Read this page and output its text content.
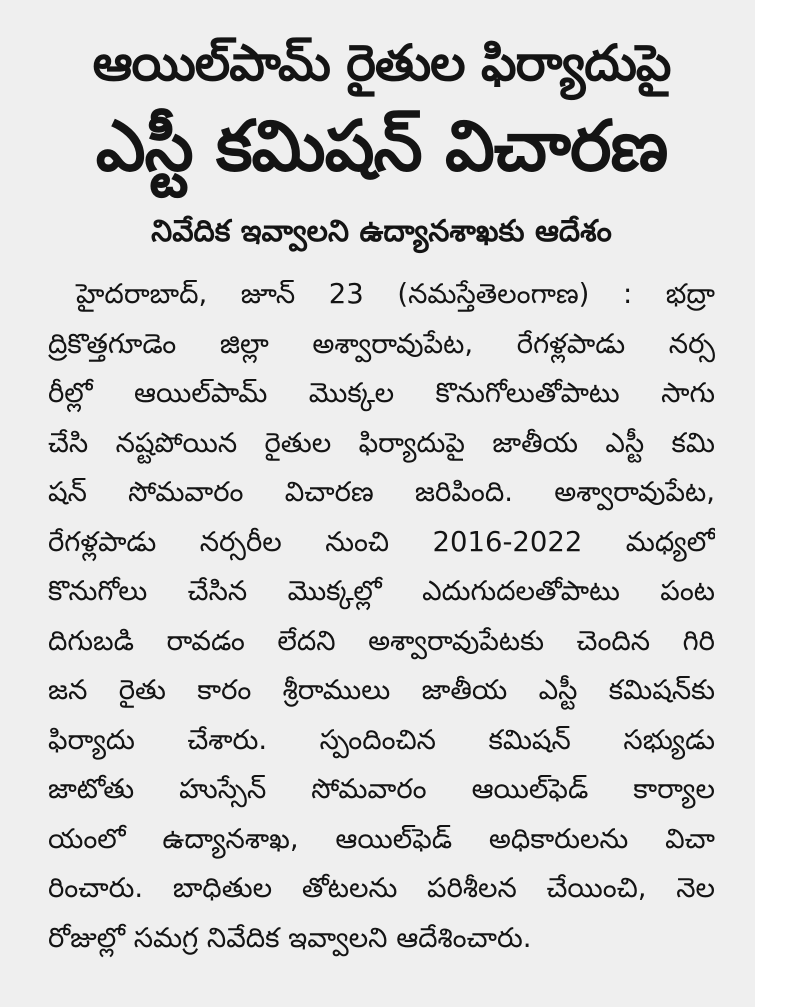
ఆయిల్‌పామ్ రైతుల ఫిర్యాదుపై
ఎస్టీ కమిషన్ విచారణ
నివేదిక ఇవ్వాలని ఉద్యానశాఖకు ఆదేశం
హైదరాబాద్, జూన్ 23 (నమస్తేతెలంగాణ) : భద్రా
ద్రికొత్తగూడెం జిల్లా అశ్వారావుపేట, రేగళ్లపాడు నర్స
రీల్లో ఆయిల్‌పామ్ మొక్కల కొనుగోలుతోపాటు సాగు
చేసి నష్టపోయిన రైతుల ఫిర్యాదుపై జాతీయ ఎస్టీ కమి
షన్ సోమవారం విచారణ జరిపింది. అశ్వారావుపేట,
రేగళ్లపాడు నర్సరీల నుంచి 2016-2022 మధ్యలో
కొనుగోలు చేసిన మొక్కల్లో ఎదుగుదలతోపాటు పంట
దిగుబడి రావడం లేదని అశ్వారావుపేటకు చెందిన గిరి
జన రైతు కారం శ్రీరాములు జాతీయ ఎస్టీ కమిషన్‌కు
ఫిర్యాదు చేశారు. స్పందించిన కమిషన్ సభ్యుడు
జాటోతు హుస్సేన్ సోమవారం ఆయిల్‌ఫెడ్ కార్యాల
యంలో ఉద్యానశాఖ, ఆయిల్‌ఫెడ్ అధికారులను విచా
రించారు. బాధితుల తోటలను పరిశీలన చేయించి, నెల
రోజుల్లో సమగ్ర నివేదిక ఇవ్వాలని ఆదేశించారు.
